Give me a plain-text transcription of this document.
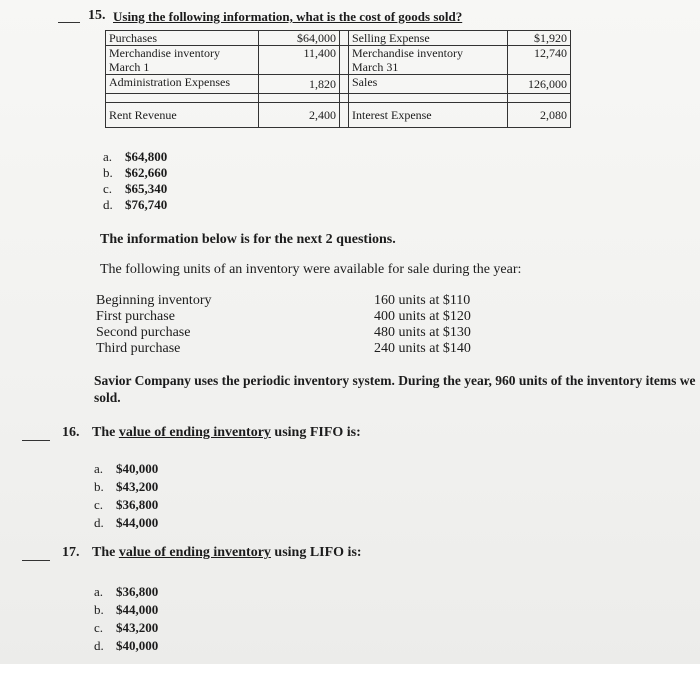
15. Using the following information, what is the cost of goods sold?
Purchases	$64,000		Selling Expense	$1,920

Merchandise inventory March 1	11,400		Merchandise inventory March 31	12,740
Administration Expenses	1,820		Sales	126,000

Rent Revenue	2,400		Interest Expense	2,080
a. $64,800
b. $62,660
c. $65,340
d. $76,740
The information below is for the next 2 questions.
The following units of an inventory were available for sale during the year:
Beginning inventory	160 units at $110
First purchase	400 units at $120
Second purchase	480 units at $130
Third purchase	240 units at $140
Savior Company uses the periodic inventory system. During the year, 960 units of the inventory items we
sold.
16. The value of ending inventory using FIFO is:
a. $40,000
b. $43,200
c. $36,800
d. $44,000
17. The value of ending inventory using LIFO is:
a. $36,800
b. $44,000
c. $43,200
d. $40,000
